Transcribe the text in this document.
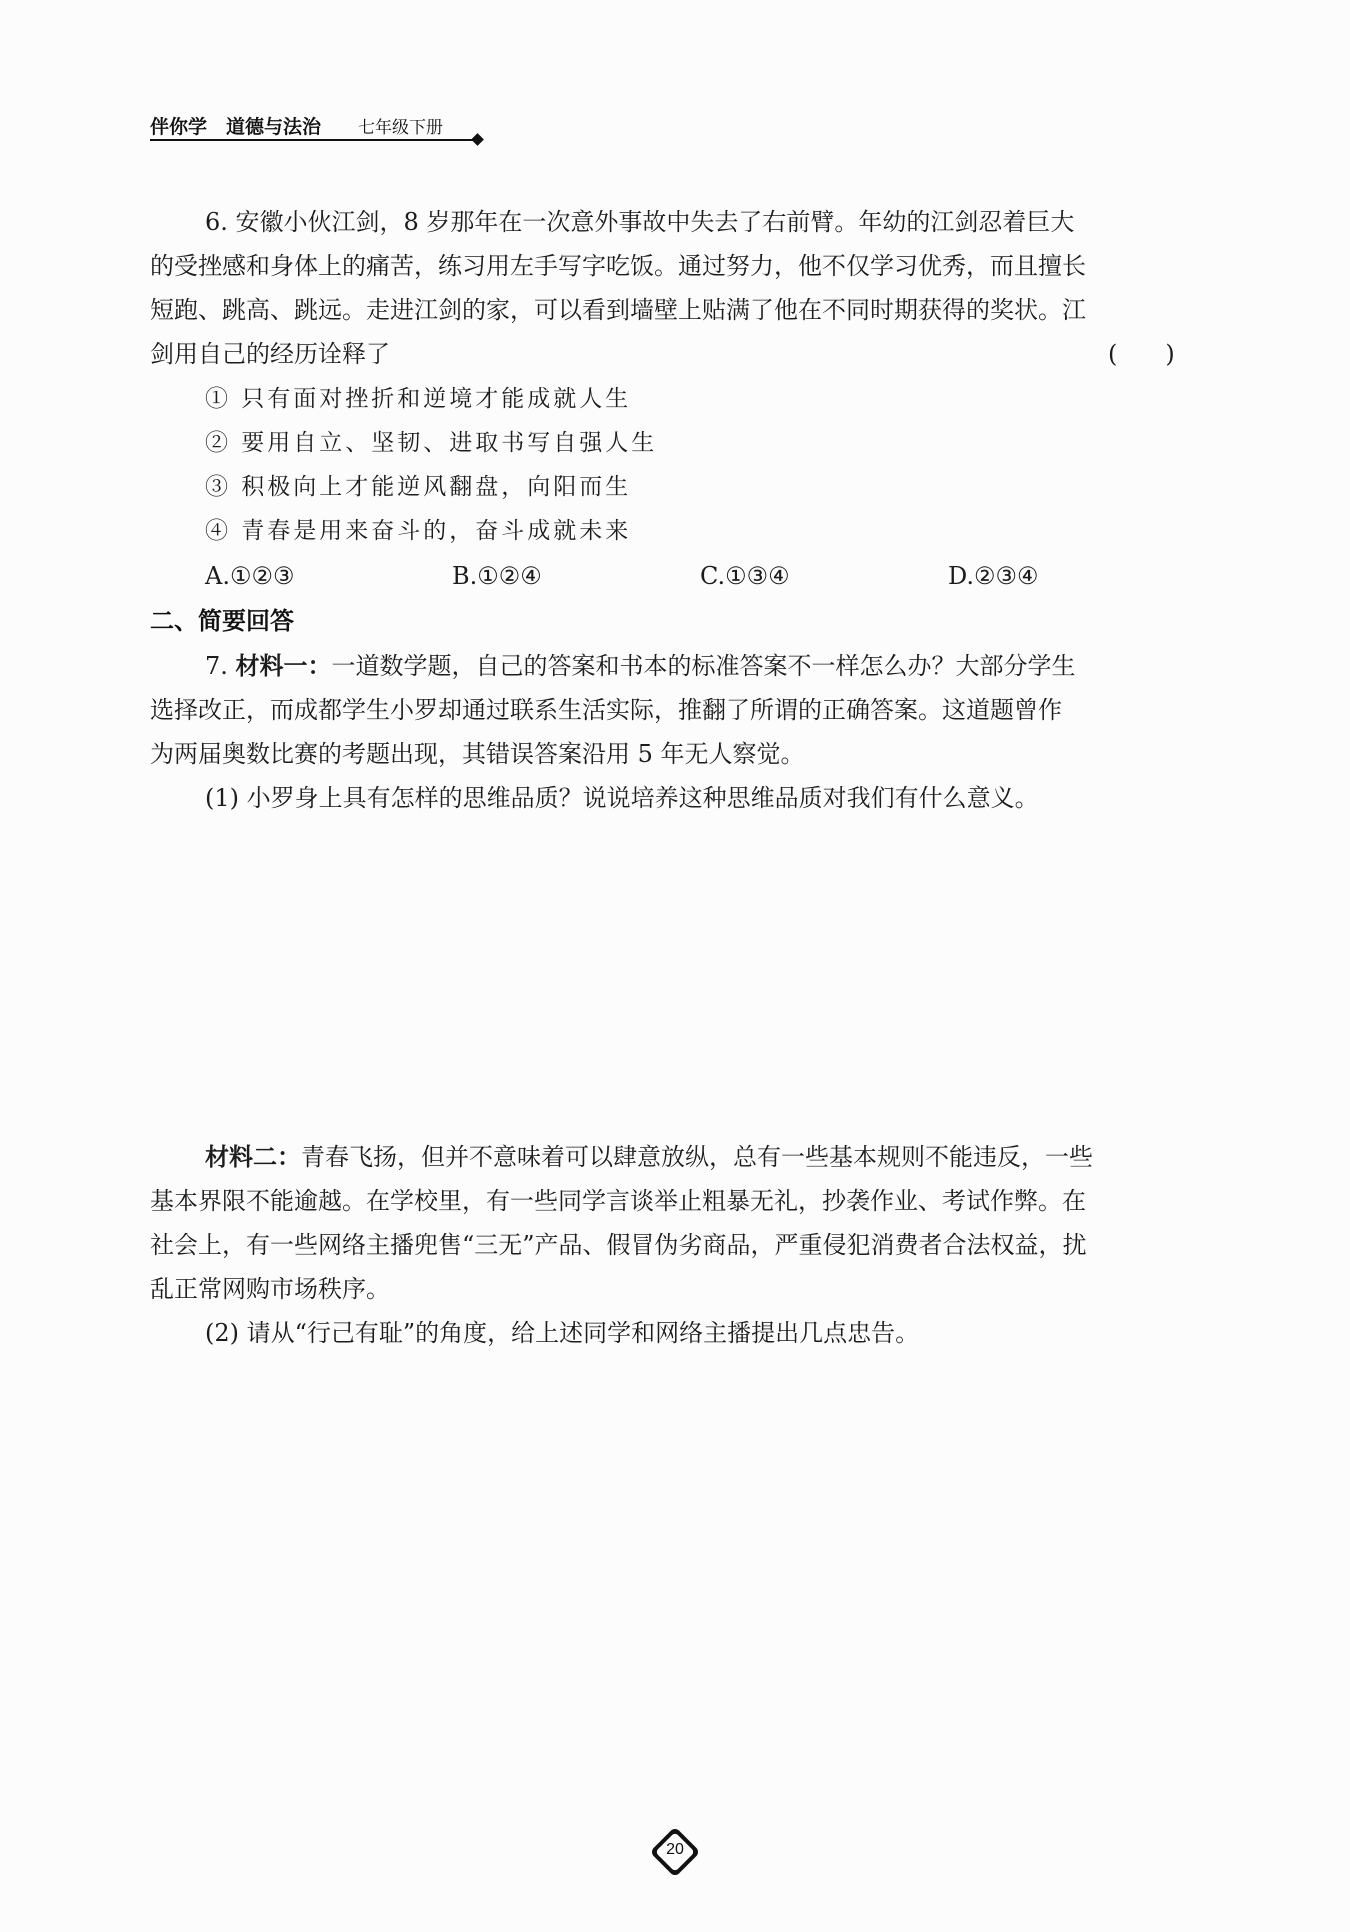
伴你学　道德与法治 七年级下册
6. 安徽小伙江剑，8 岁那年在一次意外事故中失去了右前臂。年幼的江剑忍着巨大
的受挫感和身体上的痛苦，练习用左手写字吃饭。通过努力，他不仅学习优秀，而且擅长
短跑、跳高、跳远。走进江剑的家，可以看到墙壁上贴满了他在不同时期获得的奖状。江
剑用自己的经历诠释了	(　　)
① 只有面对挫折和逆境才能成就人生
② 要用自立、坚韧、进取书写自强人生
③ 积极向上才能逆风翻盘，向阳而生
④ 青春是用来奋斗的，奋斗成就未来
A.①②③	B.①②④	C.①③④	D.②③④
二、简要回答
7. 材料一：一道数学题，自己的答案和书本的标准答案不一样怎么办？大部分学生
选择改正，而成都学生小罗却通过联系生活实际，推翻了所谓的正确答案。这道题曾作
为两届奥数比赛的考题出现，其错误答案沿用 5 年无人察觉。
(1) 小罗身上具有怎样的思维品质？说说培养这种思维品质对我们有什么意义。
材料二：青春飞扬，但并不意味着可以肆意放纵，总有一些基本规则不能违反，一些
基本界限不能逾越。在学校里，有一些同学言谈举止粗暴无礼，抄袭作业、考试作弊。在
社会上，有一些网络主播兜售“三无”产品、假冒伪劣商品，严重侵犯消费者合法权益，扰
乱正常网购市场秩序。
(2) 请从“行己有耻”的角度，给上述同学和网络主播提出几点忠告。
20
